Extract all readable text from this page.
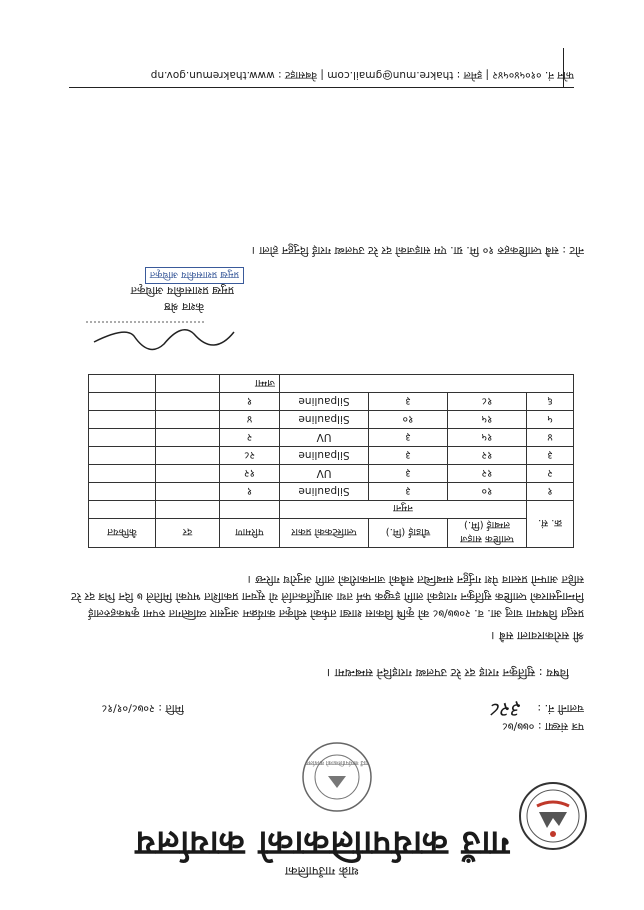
थाक्रे गाउँपालिका
गाउँ कार्यपालिकाको कार्यालय
गाउँ कार्यपालिकाको कार्यालय
पत्र संख्या : ०७७/७८
चलानी नं. :
३२८
मिति : २०७८/०१/१८
विषय : सुर्तिकुन गराइ दर रेट उपलब्ध गराइदिने सम्बन्धमा ।
श्री सरोकारवाला सबै ।
प्रस्तुत विषयमा चालु आ. व. २०७७/७८ को कृषि विकास शाखा तर्फको स्वीकृत कार्यक्रम अनुसार व्यक्तिगत रुपमा कृषकहरुलाई निम्नानुसारको प्लाष्टिक सुर्तिकुन गराइको लागि इच्छुक फर्म तथा आपूर्तिकर्ताले यो सूचना प्रकाशित भएको मितिले ७ दिन भित्र दर रेट सहित आफ्नो प्रस्ताव पेश गर्नुहुन सम्बन्धित सबैको जानकारीको लागि अनुरोध गरिन्छ ।
क्र. सं.	प्लाष्टिक साइज लम्बाई (मि.)	चौडाई (मि.)	प्लास्टिकको प्रकार	परिमाण	दर	कैफियत
	नमुना					
१	१०	३	Silpauline	१		
२	१२	३	UV	१२		
३	१२	३	Silpauline	२८		
४	१५	३	UV	२		
५	१५	१०	Silpauline	४		
६	१८	३	Silpauline	१		
				जम्मा		
केशव श्रेष्ठ
प्रमुख प्रशासकीय अधिकृत
प्रमुख प्रशासकीय अधिकृत
नोट : सबै प्लाष्टिकहरु १० मि. ग्रा. एम साइजको दर रेट उपलब्ध गराई दिनुहुन होला ।
फोन नं. ०१०५४०५४२ | इमेल : thakre.mun@gmail.com | वेबसाइट : www.thakremun.gov.np
